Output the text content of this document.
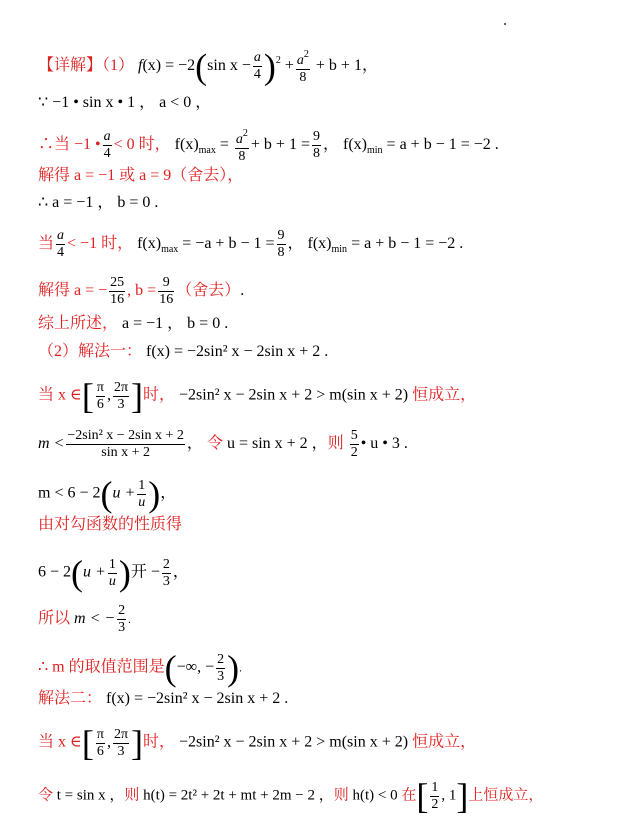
【详解】（1） f(x) = −2(sin $x - \frac{a}{4} )^2 + \frac{a^2}{8} + b + 1$，
∵ −1 • sin x • 1 ， a < 0 ，
∴当 −1 • $\frac{a}{4} < 0$ 时， $f(x)_{max} = \frac{a^2}{8} + b + 1 = \frac{9}{8}$ ， $f(x)_{min} = a + b - 1 = -2$ .
解得 a = −1 或 a = 9（舍去），
∴ a = −1 ， b = 0 .
当 $\frac{a}{4} < -1$ 时， $f(x)_{max} = -a + b - 1 = \frac{9}{8}$ ， $f(x)_{min} = a + b - 1 = -2$ .
解得 a = − $\frac{25}{16}$ , $b = \frac{9}{16}$ （舍去）.
综上所述， a = −1 ， b = 0 .
（2）解法一： f(x) = −2sin² x − 2sin x + 2 .
当 x ∈[ $\frac{\pi}{6}$ , $\frac{2\pi}{3}$ ]时， −2sin² x − 2sin x + 2 > m(sin x + 2) 恒成立，
$m < \frac{\text{−2sin² x − 2sin x + 2}}{\text{sin x + 2}}$ ， 令 u = sin x + 2 ，则 $\frac{5}{2}$ • u • 3 .
$m < 6 - 2(u + \frac{1}{u}$ )，
由对勾函数的性质得
$6 - 2(u + \frac{1}{u}$ )开 − $\frac{2}{3}$ ，
所以 m < − $\frac{2}{3}$ .
∴ m 的取值范围是(−∞, − $\frac{2}{3}$ ).
解法二： f(x) = −2sin² x − 2sin x + 2 .
当 x ∈[ $\frac{\pi}{6}$ , $\frac{2\pi}{3}$ ]时， −2sin² x − 2sin x + 2 > m(sin x + 2) 恒成立，
令 t = sin x ，则 h(t) = 2t² + 2t + mt + 2m − 2 ，则 h(t) < 0 在[ $\frac{1}{2}$ , 1]上恒成立，
